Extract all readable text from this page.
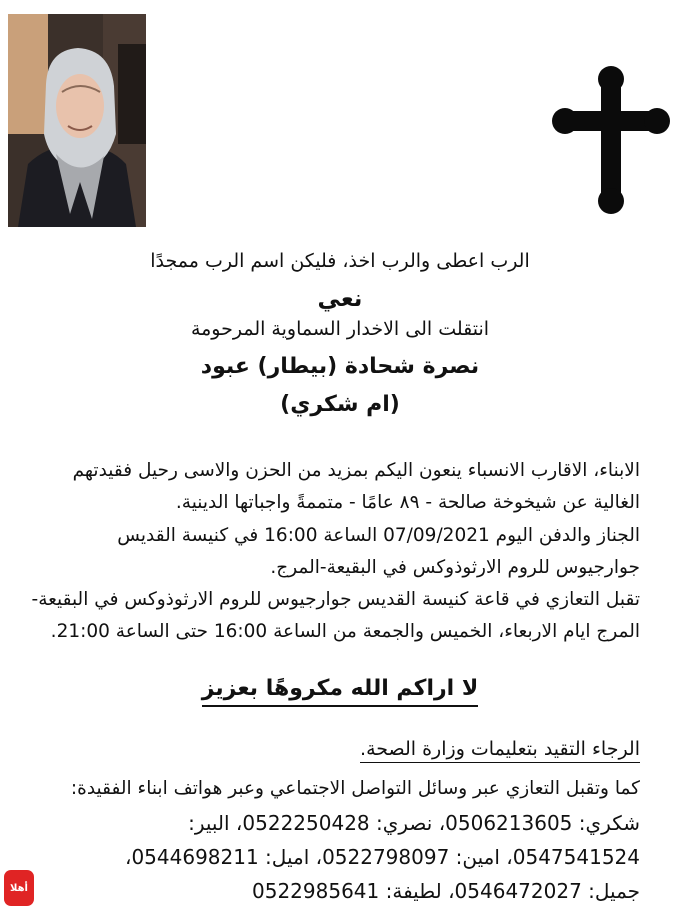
الرب اعطى والرب اخذ، فليكن اسم الرب ممجدًا
نعي
انتقلت الى الاخدار السماوية المرحومة
نصرة شحادة (بيطار) عبود
(ام شكري)
الابناء، الاقارب الانسباء ينعون اليكم بمزيد من الحزن والاسى رحيل فقيدتهم
الغالية عن شيخوخة صالحة - ٨٩ عامًا - متممةً واجباتها الدينية.
الجناز والدفن اليوم 07/09/2021 الساعة 16:00 في كنيسة القديس
جوارجيوس للروم الارثوذوكس في البقيعة-المرج.
تقبل التعازي في قاعة كنيسة القديس جوارجيوس للروم الارثوذوكس في البقيعة-
المرج ايام الاربعاء، الخميس والجمعة من الساعة 16:00 حتى الساعة 21:00.
لا اراكم الله مكروهًا بعزيز
الرجاء التقيد بتعليمات وزارة الصحة.
كما وتقبل التعازي عبر وسائل التواصل الاجتماعي وعبر هواتف ابناء الفقيدة:
شكري: 0506213605، نصري: 0522250428، البير:
0547541524، امين: 0522798097، اميل: 0544698211،
جميل: 0546472027، لطيفة: 0522985641
أهلا
